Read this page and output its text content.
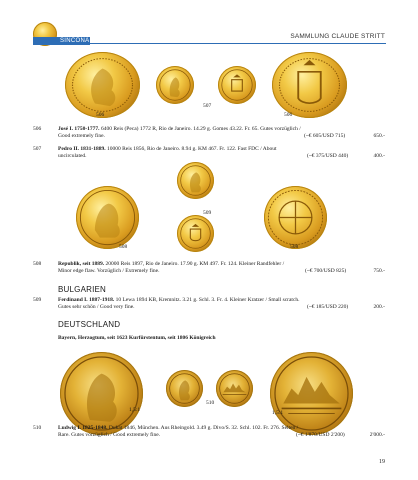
SINCONA
SAMMLUNG CLAUDE STRITT
506
507
506
506	José I. 1750-1777. 6400 Reis (Peca) 1772 R, Rio de Janeiro. 14.29 g. Gomes 43.22. Fr. 65. Gutes vorzüglich /
Good extremely fine.	(~€ 605/USD 715)	650.-
507	Pedro II. 1831-1889. 10000 Reis 1856, Rio de Janeiro. 8.94 g. KM 467. Fr. 122. Fast FDC / About
uncirculated.	(~€ 375/USD 440)	400.-
509
508	508
508	Republik, seit 1889. 20000 Reis 1897, Rio de Janeiro. 17.90 g. KM 497. Fr. 124. Kleiner Randfehler /
Minor edge flaw. Vorzüglich / Extremely fine.	(~€ 700/USD 825)	750.-
BULGARIEN
509	Ferdinand I. 1887-1918. 10 Lewa 1894 KB, Kremnitz. 3.21 g. Schl. 3. Fr. 4. Kleiner Kratzer / Small scratch.
Gutes sehr schön / Good very fine.	(~€ 185/USD 220)	200.-
DEUTSCHLAND
Bayern, Herzogtum, seit 1623 Kurfürstentum, seit 1806 Königreich
1,5:1
510
1,5:1
510	Ludwig I. 1825-1848. Dukat 1846, München. Aus Rheingold. 3.49 g. Divo/S. 32. Schl. 102. Fr. 276. Selten /
Rare. Gutes vorzüglich / Good extremely fine.	(~€ 1'870/USD 2'200)	2'000.-
19
